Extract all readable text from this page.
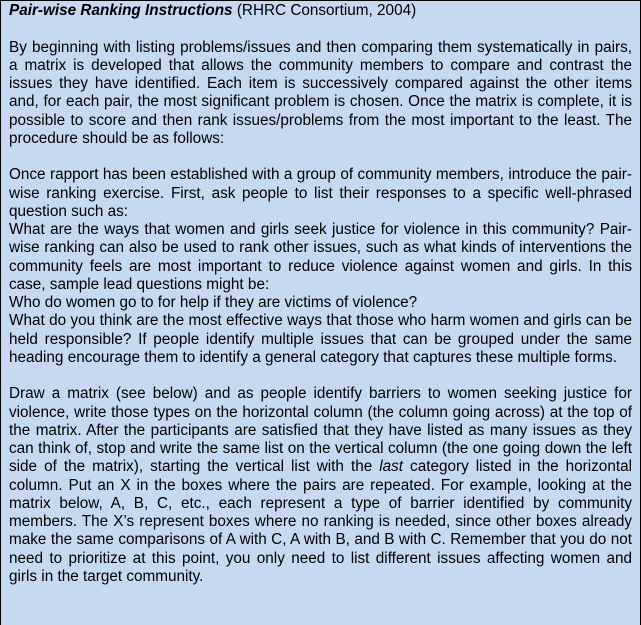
Pair-wise Ranking Instructions (RHRC Consortium, 2004)

By beginning with listing problems/issues and then comparing them systematically in pairs, a matrix is developed that allows the community members to compare and contrast the issues they have identified. Each item is successively compared against the other items and, for each pair, the most significant problem is chosen. Once the matrix is complete, it is possible to score and then rank issues/problems from the most important to the least. The procedure should be as follows:

Once rapport has been established with a group of community members, introduce the pair-wise ranking exercise. First, ask people to list their responses to a specific well-phrased question such as:

What are the ways that women and girls seek justice for violence in this community? Pair-wise ranking can also be used to rank other issues, such as what kinds of interventions the community feels are most important to reduce violence against women and girls. In this case, sample lead questions might be:

Who do women go to for help if they are victims of violence?

What do you think are the most effective ways that those who harm women and girls can be held responsible? If people identify multiple issues that can be grouped under the same heading encourage them to identify a general category that captures these multiple forms.

Draw a matrix (see below) and as people identify barriers to women seeking justice for violence, write those types on the horizontal column (the column going across) at the top of the matrix. After the participants are satisfied that they have listed as many issues as they can think of, stop and write the same list on the vertical column (the one going down the left side of the matrix), starting the vertical list with the last category listed in the horizontal column. Put an X in the boxes where the pairs are repeated. For example, looking at the matrix below, A, B, C, etc., each represent a type of barrier identified by community members. The X’s represent boxes where no ranking is needed, since other boxes already make the same comparisons of A with C, A with B, and B with C. Remember that you do not need to prioritize at this point, you only need to list different issues affecting women and girls in the target community.
